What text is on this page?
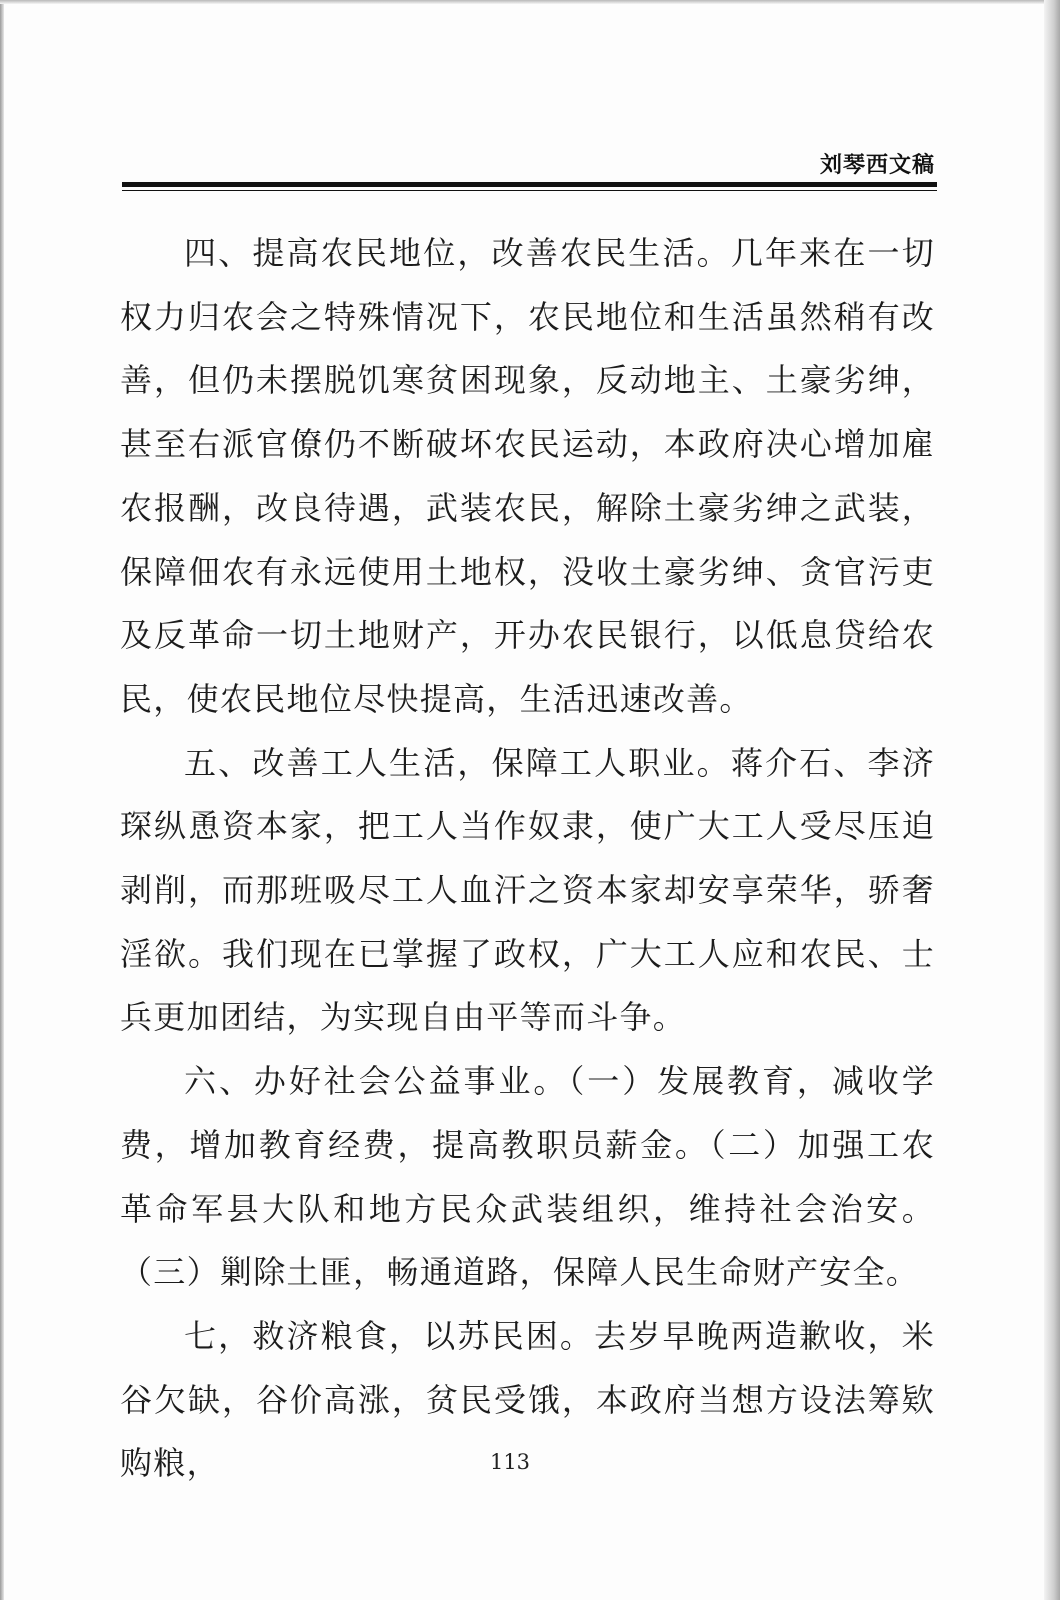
刘琴西文稿

四、提高农民地位，改善农民生活。几年来在一切权力归农会之特殊情况下，农民地位和生活虽然稍有改善，但仍未摆脱饥寒贫困现象，反动地主、土豪劣绅，甚至右派官僚仍不断破坏农民运动，本政府决心增加雇农报酬，改良待遇，武装农民，解除土豪劣绅之武装，保障佃农有永远使用土地权，没收土豪劣绅、贪官污吏及反革命一切土地财产，开办农民银行，以低息贷给农民，使农民地位尽快提高，生活迅速改善。

五、改善工人生活，保障工人职业。蒋介石、李济琛纵恿资本家，把工人当作奴隶，使广大工人受尽压迫剥削，而那班吸尽工人血汗之资本家却安享荣华，骄奢淫欲。我们现在已掌握了政权，广大工人应和农民、士兵更加团结，为实现自由平等而斗争。

六、办好社会公益事业。（一）发展教育，减收学费，增加教育经费，提高教职员薪金。（二）加强工农革命军县大队和地方民众武装组织，维持社会治安。（三）剿除土匪，畅通道路，保障人民生命财产安全。

七，救济粮食，以苏民困。去岁早晚两造歉收，米谷欠缺，谷价高涨，贫民受饿，本政府当想方设法筹欵购粮，	113
